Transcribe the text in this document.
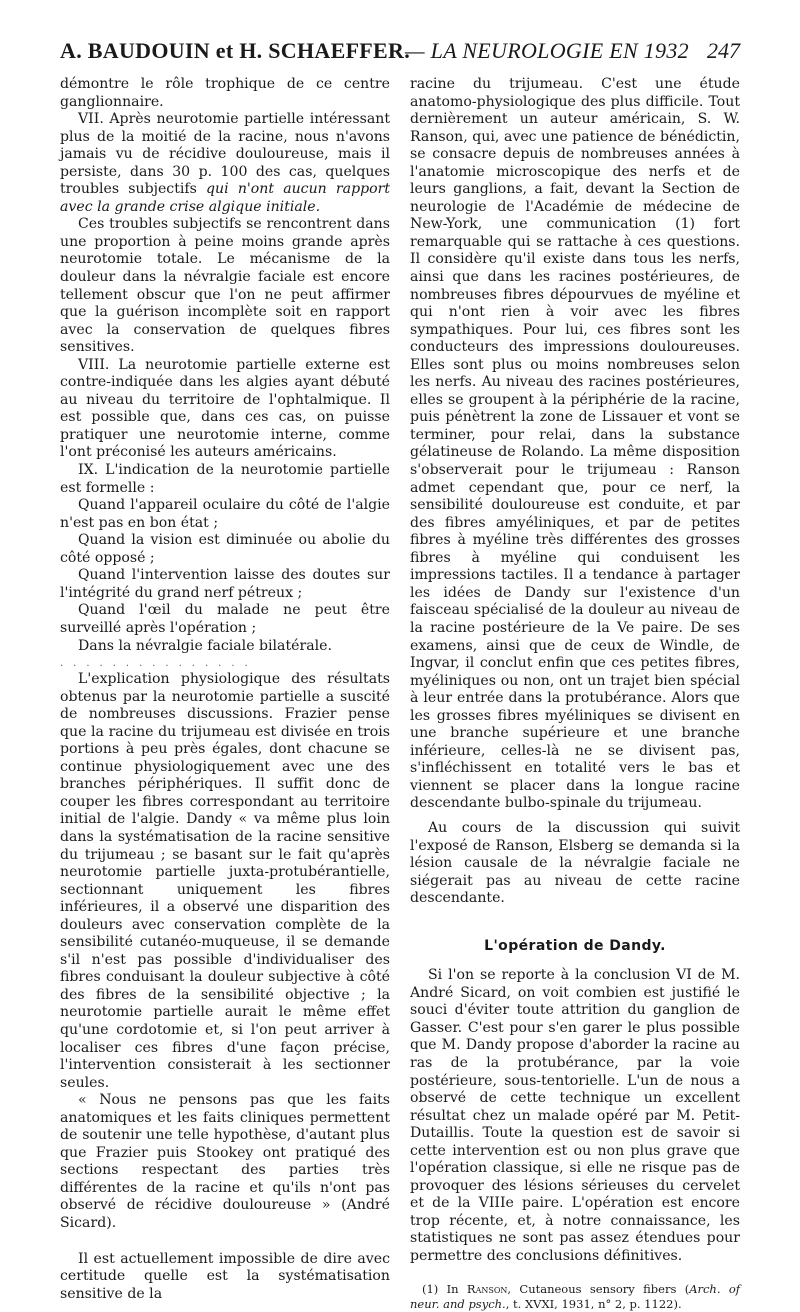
A. BAUDOUIN et H. SCHAEFFER.
— LA NEUROLOGIE EN 1932 247

démontre le rôle trophique de ce centre ganglionnaire.

VII. Après neurotomie partielle intéressant plus de la moitié de la racine, nous n'avons jamais vu de récidive douloureuse, mais il persiste, dans 30 p. 100 des cas, quelques troubles subjectifs qui n'ont aucun rapport avec la grande crise algique initiale.

Ces troubles subjectifs se rencontrent dans une proportion à peine moins grande après neurotomie totale. Le mécanisme de la douleur dans la névralgie faciale est encore tellement obscur que l'on ne peut affirmer que la guérison incomplète soit en rapport avec la conservation de quelques fibres sensitives.

VIII. La neurotomie partielle externe est contre-indiquée dans les algies ayant débuté au niveau du territoire de l'ophtalmique. Il est possible que, dans ces cas, on puisse pratiquer une neurotomie interne, comme l'ont préconisé les auteurs américains.

IX. L'indication de la neurotomie partielle est formelle :

Quand l'appareil oculaire du côté de l'algie n'est pas en bon état ;

Quand la vision est diminuée ou abolie du côté opposé ;

Quand l'intervention laisse des doutes sur l'intégrité du grand nerf pétreux ;

Quand l'œil du malade ne peut être surveillé après l'opération ;

Dans la névralgie faciale bilatérale.

...............

L'explication physiologique des résultats obtenus par la neurotomie partielle a suscité de nombreuses discussions. Frazier pense que la racine du trijumeau est divisée en trois portions à peu près égales, dont chacune se continue physiologiquement avec une des branches périphériques. Il suffit donc de couper les fibres correspondant au territoire initial de l'algie. Dandy « va même plus loin dans la systématisation de la racine sensitive du trijumeau ; se basant sur le fait qu'après neurotomie partielle juxta-protubérantielle, sectionnant uniquement les fibres inférieures, il a observé une disparition des douleurs avec conservation complète de la sensibilité cutanéo-muqueuse, il se demande s'il n'est pas possible d'individualiser des fibres conduisant la douleur subjective à côté des fibres de la sensibilité objective ; la neurotomie partielle aurait le même effet qu'une cordotomie et, si l'on peut arriver à localiser ces fibres d'une façon précise, l'intervention consisterait à les sectionner seules.

« Nous ne pensons pas que les faits anatomiques et les faits cliniques permettent de soutenir une telle hypothèse, d'autant plus que Frazier puis Stookey ont pratiqué des sections respectant des parties très différentes de la racine et qu'ils n'ont pas observé de récidive douloureuse » (André Sicard).

Il est actuellement impossible de dire avec certitude quelle est la systématisation sensitive de la

racine du trijumeau. C'est une étude anatomo-physiologique des plus difficile. Tout dernièrement un auteur américain, S. W. Ranson, qui, avec une patience de bénédictin, se consacre depuis de nombreuses années à l'anatomie microscopique des nerfs et de leurs ganglions, a fait, devant la Section de neurologie de l'Académie de médecine de New-York, une communication (1) fort remarquable qui se rattache à ces questions. Il considère qu'il existe dans tous les nerfs, ainsi que dans les racines postérieures, de nombreuses fibres dépourvues de myéline et qui n'ont rien à voir avec les fibres sympathiques. Pour lui, ces fibres sont les conducteurs des impressions douloureuses. Elles sont plus ou moins nombreuses selon les nerfs. Au niveau des racines postérieures, elles se groupent à la périphérie de la racine, puis pénètrent la zone de Lissauer et vont se terminer, pour relai, dans la substance gélatineuse de Rolando. La même disposition s'observerait pour le trijumeau : Ranson admet cependant que, pour ce nerf, la sensibilité douloureuse est conduite, et par des fibres amyéliniques, et par de petites fibres à myéline très différentes des grosses fibres à myéline qui conduisent les impressions tactiles. Il a tendance à partager les idées de Dandy sur l'existence d'un faisceau spécialisé de la douleur au niveau de la racine postérieure de la Ve paire. De ses examens, ainsi que de ceux de Windle, de Ingvar, il conclut enfin que ces petites fibres, myéliniques ou non, ont un trajet bien spécial à leur entrée dans la protubérance. Alors que les grosses fibres myéliniques se divisent en une branche supérieure et une branche inférieure, celles-là ne se divisent pas, s'infléchissent en totalité vers le bas et viennent se placer dans la longue racine descendante bulbo-spinale du trijumeau.

Au cours de la discussion qui suivit l'exposé de Ranson, Elsberg se demanda si la lésion causale de la névralgie faciale ne siégerait pas au niveau de cette racine descendante.

L'opération de Dandy.

Si l'on se reporte à la conclusion VI de M. André Sicard, on voit combien est justifié le souci d'éviter toute attrition du ganglion de Gasser. C'est pour s'en garer le plus possible que M. Dandy propose d'aborder la racine au ras de la protubérance, par la voie postérieure, sous-tentorielle. L'un de nous a observé de cette technique un excellent résultat chez un malade opéré par M. Petit-Dutaillis. Toute la question est de savoir si cette intervention est ou non plus grave que l'opération classique, si elle ne risque pas de provoquer des lésions sérieuses du cervelet et de la VIIIe paire. L'opération est encore trop récente, et, à notre connaissance, les statistiques ne sont pas assez étendues pour permettre des conclusions définitives.

(1) In Ranson, Cutaneous sensory fibers (Arch. of neur. and psych., t. XVXI, 1931, n° 2, p. 1122).
